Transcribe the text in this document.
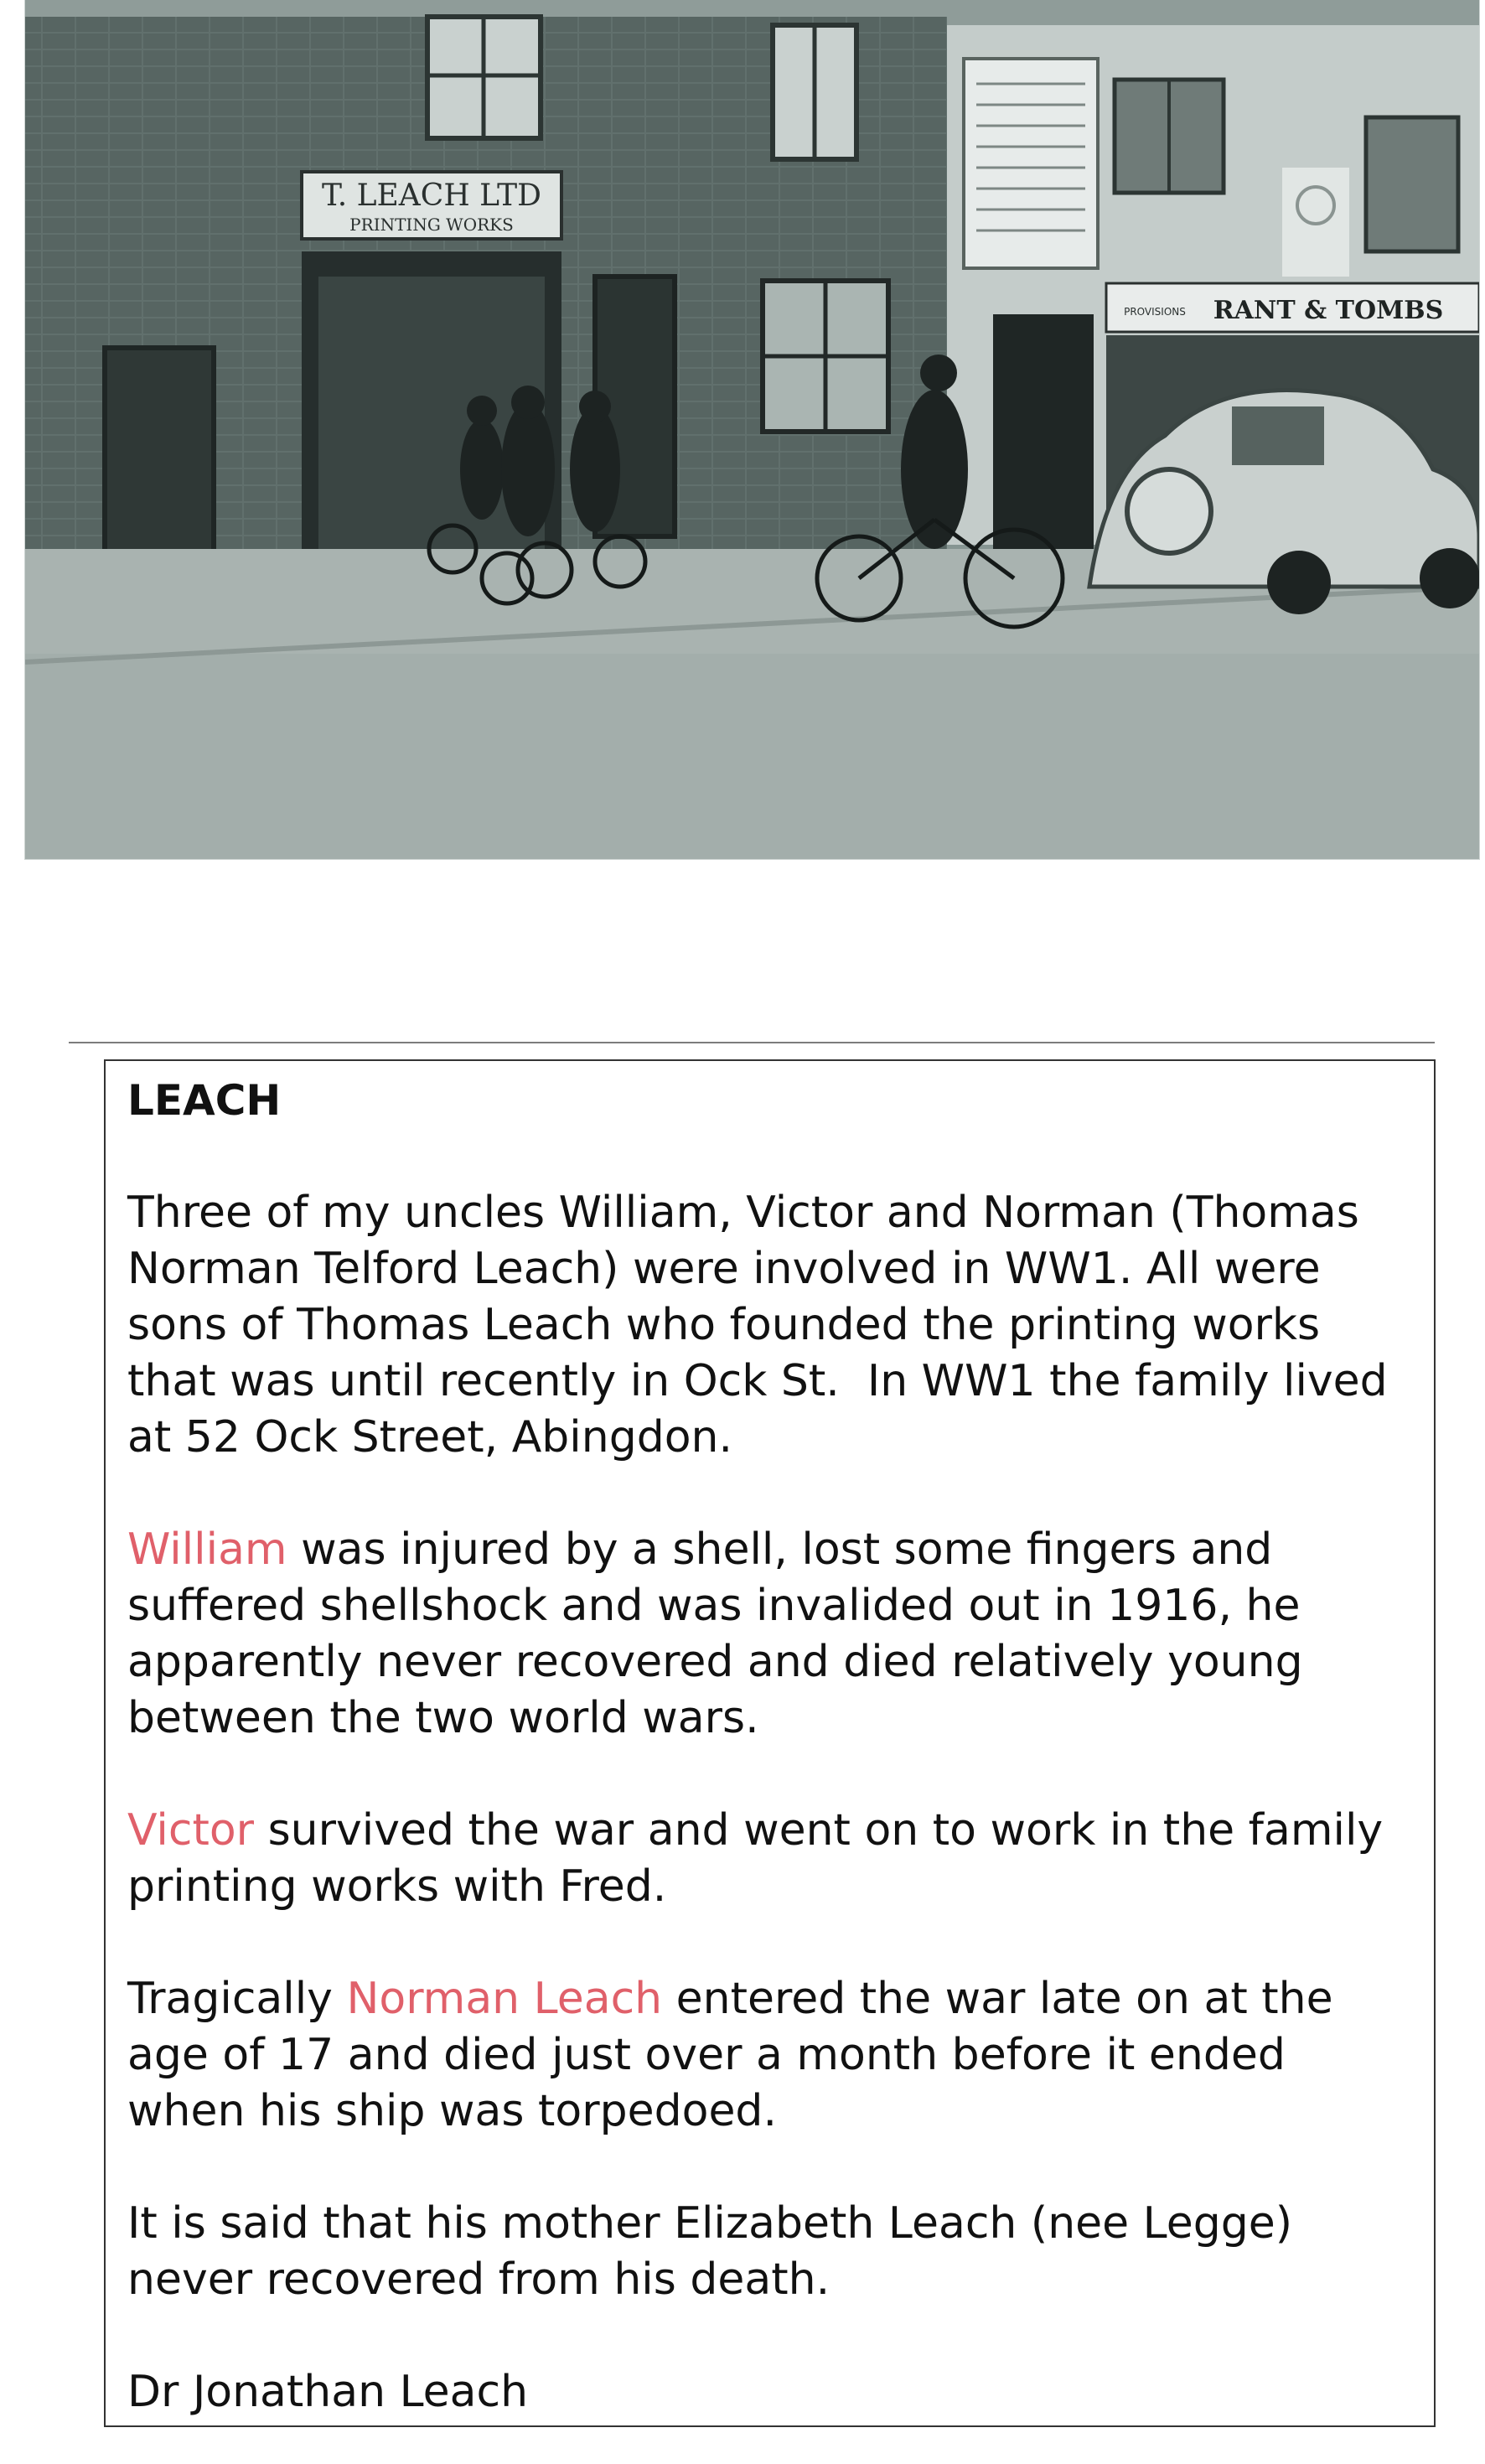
T. LEACH LTD
PRINTING WORKS
PROVISIONS RANT & TOMBS

LEACH

Three of my uncles William, Victor and Norman (Thomas Norman Telford Leach) were involved in WW1. All were sons of Thomas Leach who founded the printing works that was until recently in Ock St.  In WW1 the family lived at 52 Ock Street, Abingdon.

William was injured by a shell, lost some fingers and suffered shellshock and was invalided out in 1916, he apparently never recovered and died relatively young between the two world wars.

Victor survived the war and went on to work in the family printing works with Fred.

Tragically Norman Leach entered the war late on at the age of 17 and died just over a month before it ended when his ship was torpedoed.

It is said that his mother Elizabeth Leach (nee Legge) never recovered from his death.

Dr Jonathan Leach
